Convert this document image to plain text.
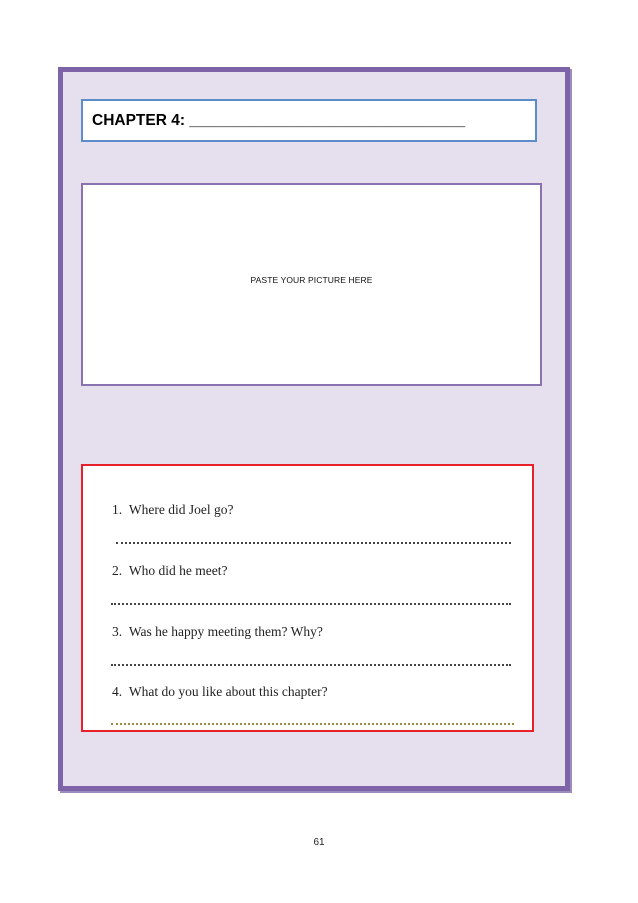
CHAPTER 4: ________________________________
PASTE YOUR PICTURE HERE
1. Where did Joel go?
2. Who did he meet?
3. Was he happy meeting them? Why?
4. What do you like about this chapter?
61
